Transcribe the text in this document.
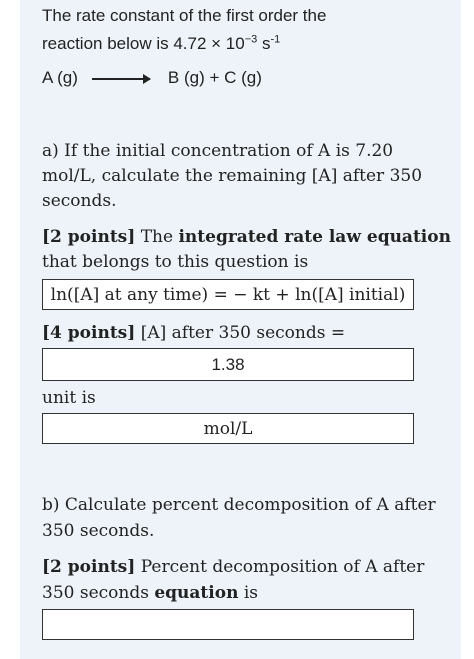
The rate constant of the first order the
reaction below is $4.72 \times 10^{-3}$ $s^{-1}$
A (g) → B (g) + C (g)
a) If the initial concentration of A is 7.20
mol/L, calculate the remaining [A] after 350
seconds.
[2 points] The integrated rate law equation
that belongs to this question is
ln([A] at any time) = − kt + ln([A] initial)
[4 points] [A] after 350 seconds =
1.38
unit is
mol/L
b) Calculate percent decomposition of A after
350 seconds.
[2 points] Percent decomposition of A after
350 seconds equation is
